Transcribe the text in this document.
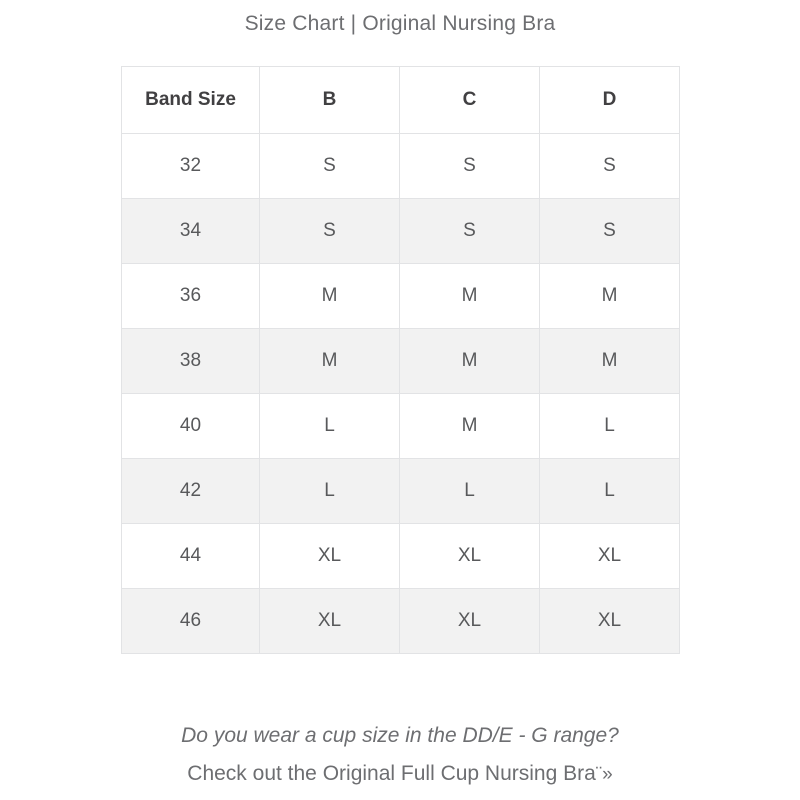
Size Chart | Original Nursing Bra
Band Size	B	C	D
32	S	S	S
34	S	S	S
36	M	M	M
38	M	M	M
40	L	M	L
42	L	L	L
44	XL	XL	XL
46	XL	XL	XL
Do you wear a cup size in the DD/E - G range?
Check out the Original Full Cup Nursing Bra¨»
